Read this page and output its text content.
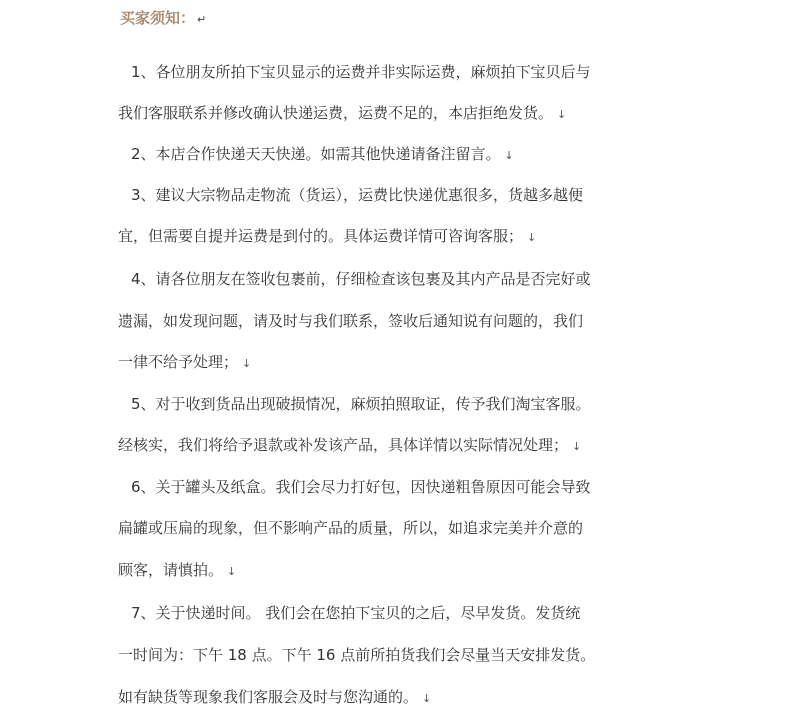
买家须知： ↵
1、各位朋友所拍下宝贝显示的运费并非实际运费，麻烦拍下宝贝后与
我们客服联系并修改确认快递运费，运费不足的，本店拒绝发货。 ↓
2、本店合作快递天天快递。如需其他快递请备注留言。 ↓
3、建议大宗物品走物流（货运），运费比快递优惠很多，货越多越便
宜，但需要自提并运费是到付的。具体运费详情可咨询客服； ↓
4、请各位朋友在签收包裹前，仔细检查该包裹及其内产品是否完好或
遗漏，如发现问题，请及时与我们联系，签收后通知说有问题的，我们
一律不给予处理； ↓
5、对于收到货品出现破损情况，麻烦拍照取证，传予我们淘宝客服。
经核实，我们将给予退款或补发该产品，具体详情以实际情况处理； ↓
6、关于罐头及纸盒。我们会尽力打好包，因快递粗鲁原因可能会导致
扁罐或压扁的现象，但不影响产品的质量，所以，如追求完美并介意的
顾客，请慎拍。 ↓
7、关于快递时间。 我们会在您拍下宝贝的之后，尽早发货。发货统
一时间为：下午 18 点。下午 16 点前所拍货我们会尽量当天安排发货。
如有缺货等现象我们客服会及时与您沟通的。 ↓
